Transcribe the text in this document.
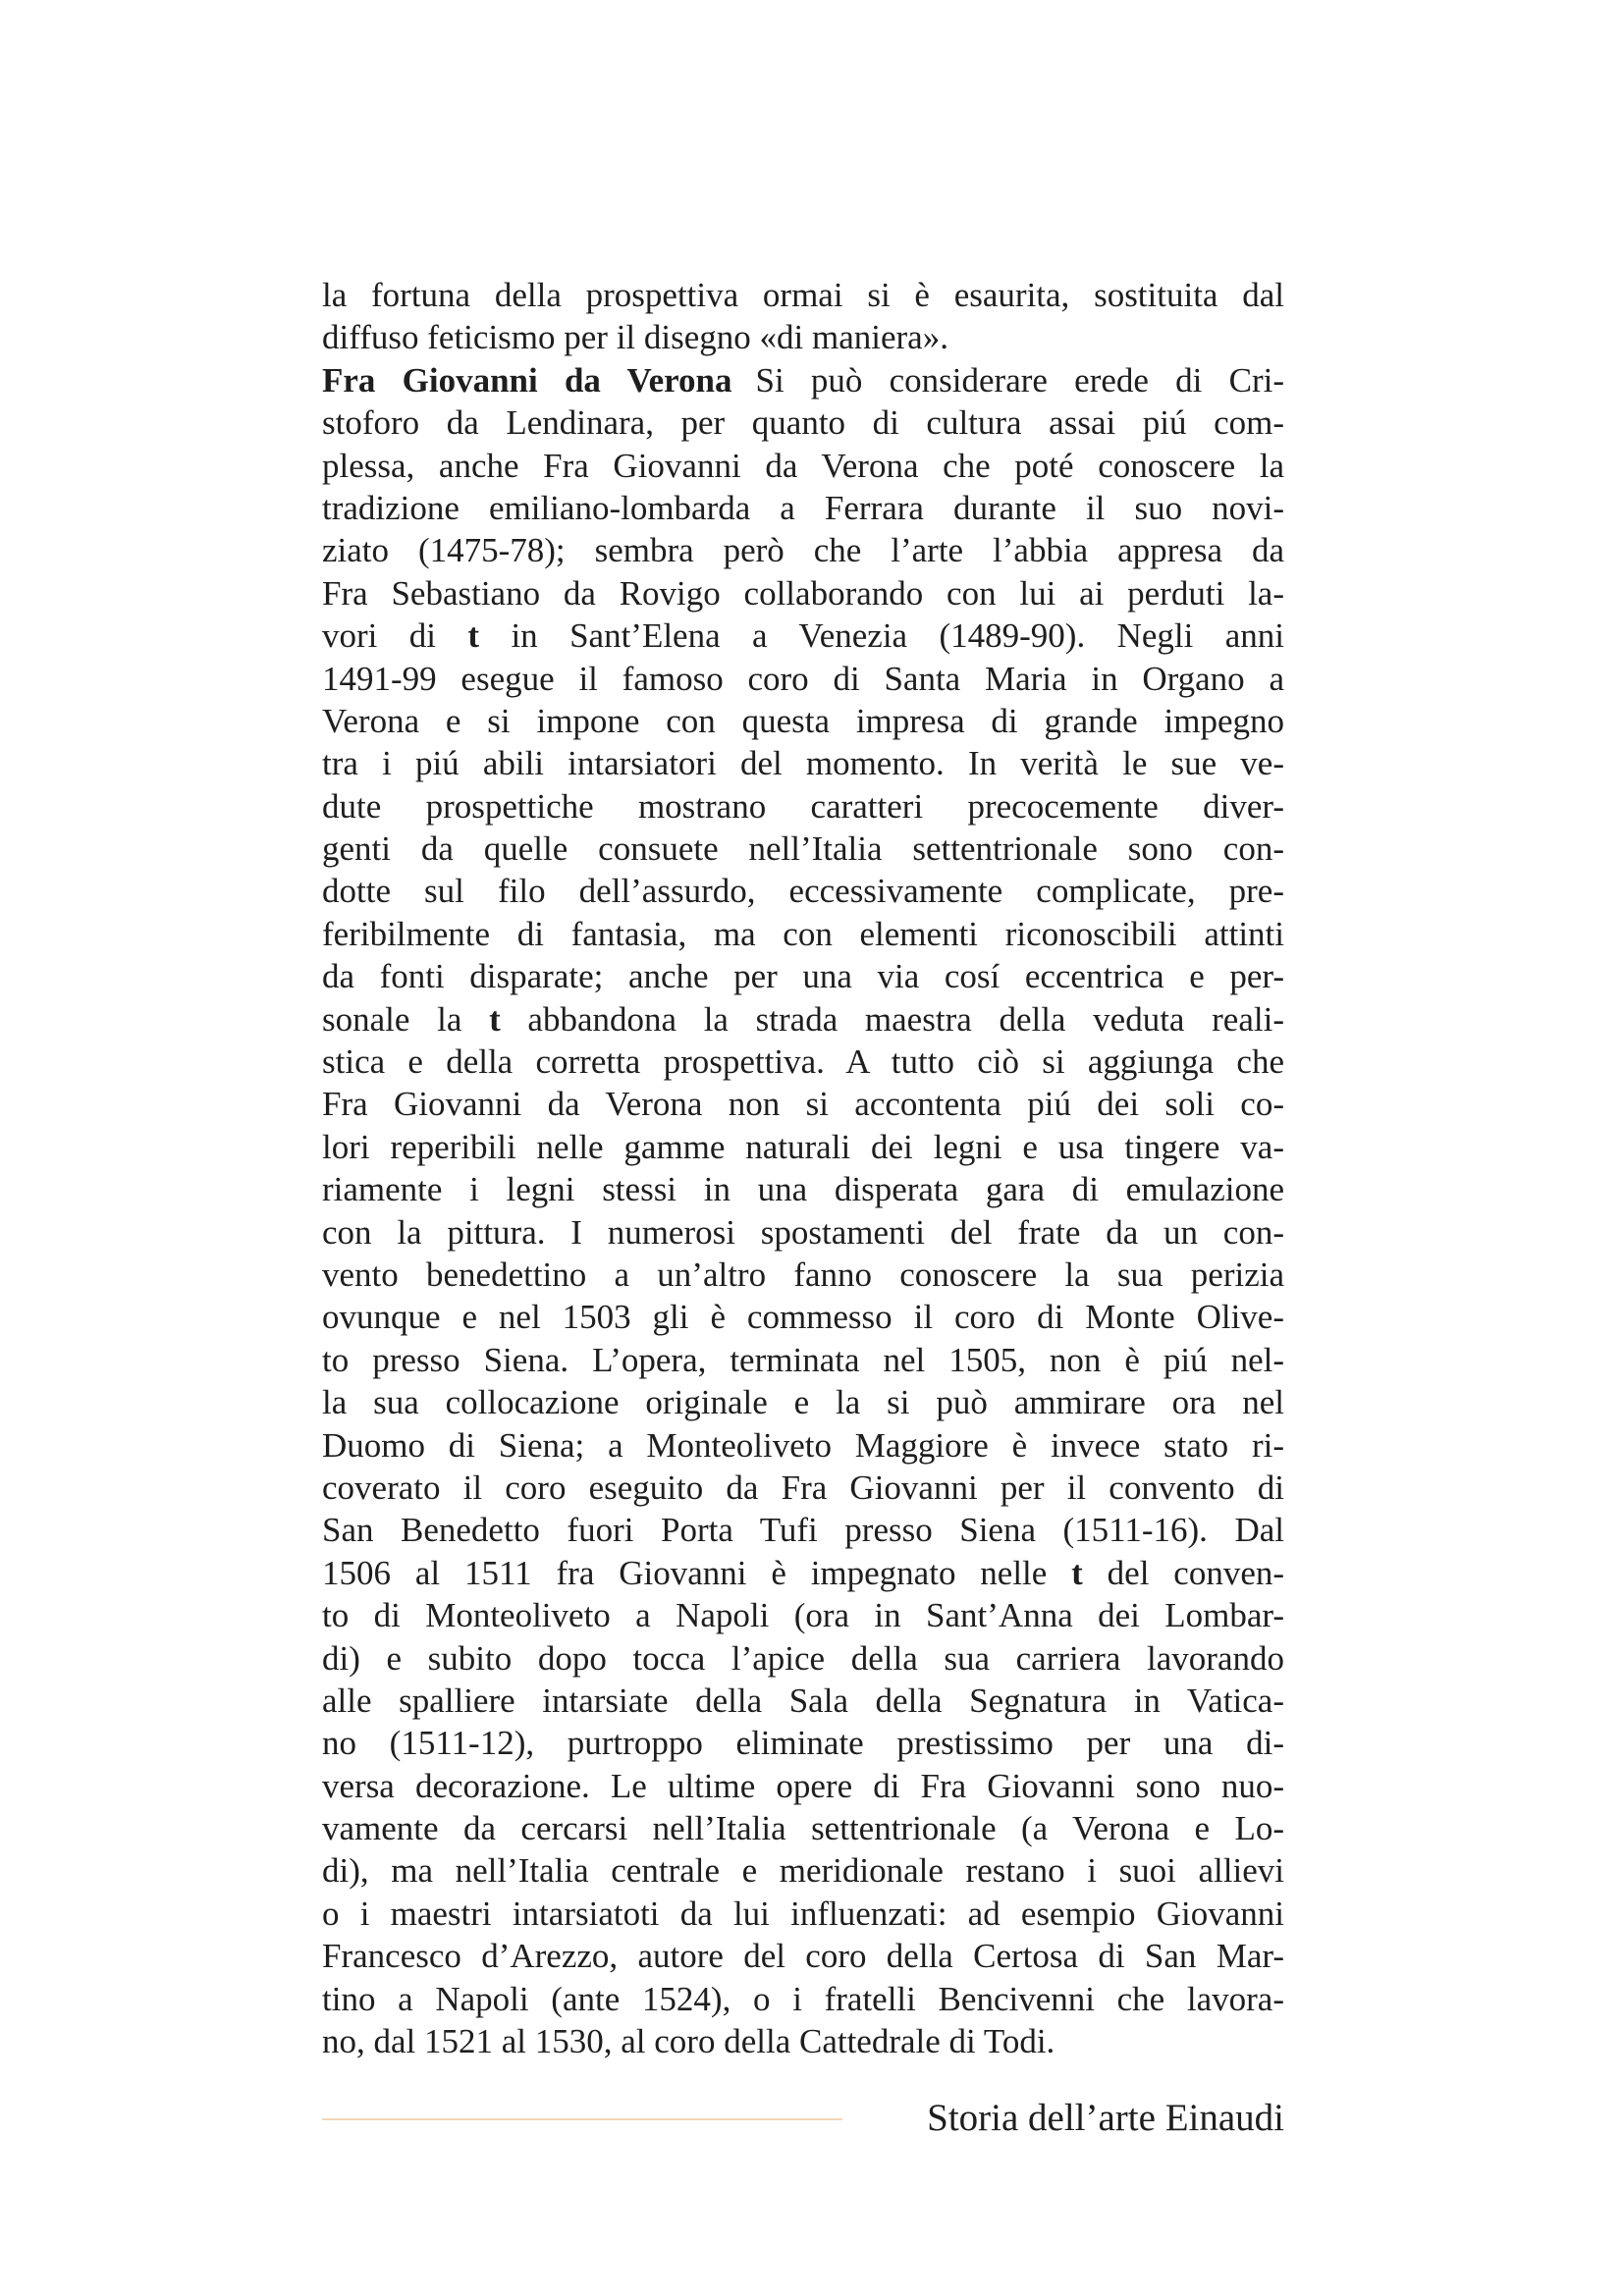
la fortuna della prospettiva ormai si è esaurita, sostituita dal
diffuso feticismo per il disegno «di maniera».
Fra Giovanni da Verona Si può considerare erede di Cri-
stoforo da Lendinara, per quanto di cultura assai piú com-
plessa, anche Fra Giovanni da Verona che poté conoscere la
tradizione emiliano-lombarda a Ferrara durante il suo novi-
ziato (1475-78); sembra però che l’arte l’abbia appresa da
Fra Sebastiano da Rovigo collaborando con lui ai perduti la-
vori di t in Sant’Elena a Venezia (1489-90). Negli anni
1491-99 esegue il famoso coro di Santa Maria in Organo a
Verona e si impone con questa impresa di grande impegno
tra i piú abili intarsiatori del momento. In verità le sue ve-
dute prospettiche mostrano caratteri precocemente diver-
genti da quelle consuete nell’Italia settentrionale sono con-
dotte sul filo dell’assurdo, eccessivamente complicate, pre-
feribilmente di fantasia, ma con elementi riconoscibili attinti
da fonti disparate; anche per una via cosí eccentrica e per-
sonale la t abbandona la strada maestra della veduta reali-
stica e della corretta prospettiva. A tutto ciò si aggiunga che
Fra Giovanni da Verona non si accontenta piú dei soli co-
lori reperibili nelle gamme naturali dei legni e usa tingere va-
riamente i legni stessi in una disperata gara di emulazione
con la pittura. I numerosi spostamenti del frate da un con-
vento benedettino a un’altro fanno conoscere la sua perizia
ovunque e nel 1503 gli è commesso il coro di Monte Olive-
to presso Siena. L’opera, terminata nel 1505, non è piú nel-
la sua collocazione originale e la si può ammirare ora nel
Duomo di Siena; a Monteoliveto Maggiore è invece stato ri-
coverato il coro eseguito da Fra Giovanni per il convento di
San Benedetto fuori Porta Tufi presso Siena (1511-16). Dal
1506 al 1511 fra Giovanni è impegnato nelle t del conven-
to di Monteoliveto a Napoli (ora in Sant’Anna dei Lombar-
di) e subito dopo tocca l’apice della sua carriera lavorando
alle spalliere intarsiate della Sala della Segnatura in Vatica-
no (1511-12), purtroppo eliminate prestissimo per una di-
versa decorazione. Le ultime opere di Fra Giovanni sono nuo-
vamente da cercarsi nell’Italia settentrionale (a Verona e Lo-
di), ma nell’Italia centrale e meridionale restano i suoi allievi
o i maestri intarsiatoti da lui influenzati: ad esempio Giovanni
Francesco d’Arezzo, autore del coro della Certosa di San Mar-
tino a Napoli (ante 1524), o i fratelli Bencivenni che lavora-
no, dal 1521 al 1530, al coro della Cattedrale di Todi.
Storia dell’arte Einaudi
